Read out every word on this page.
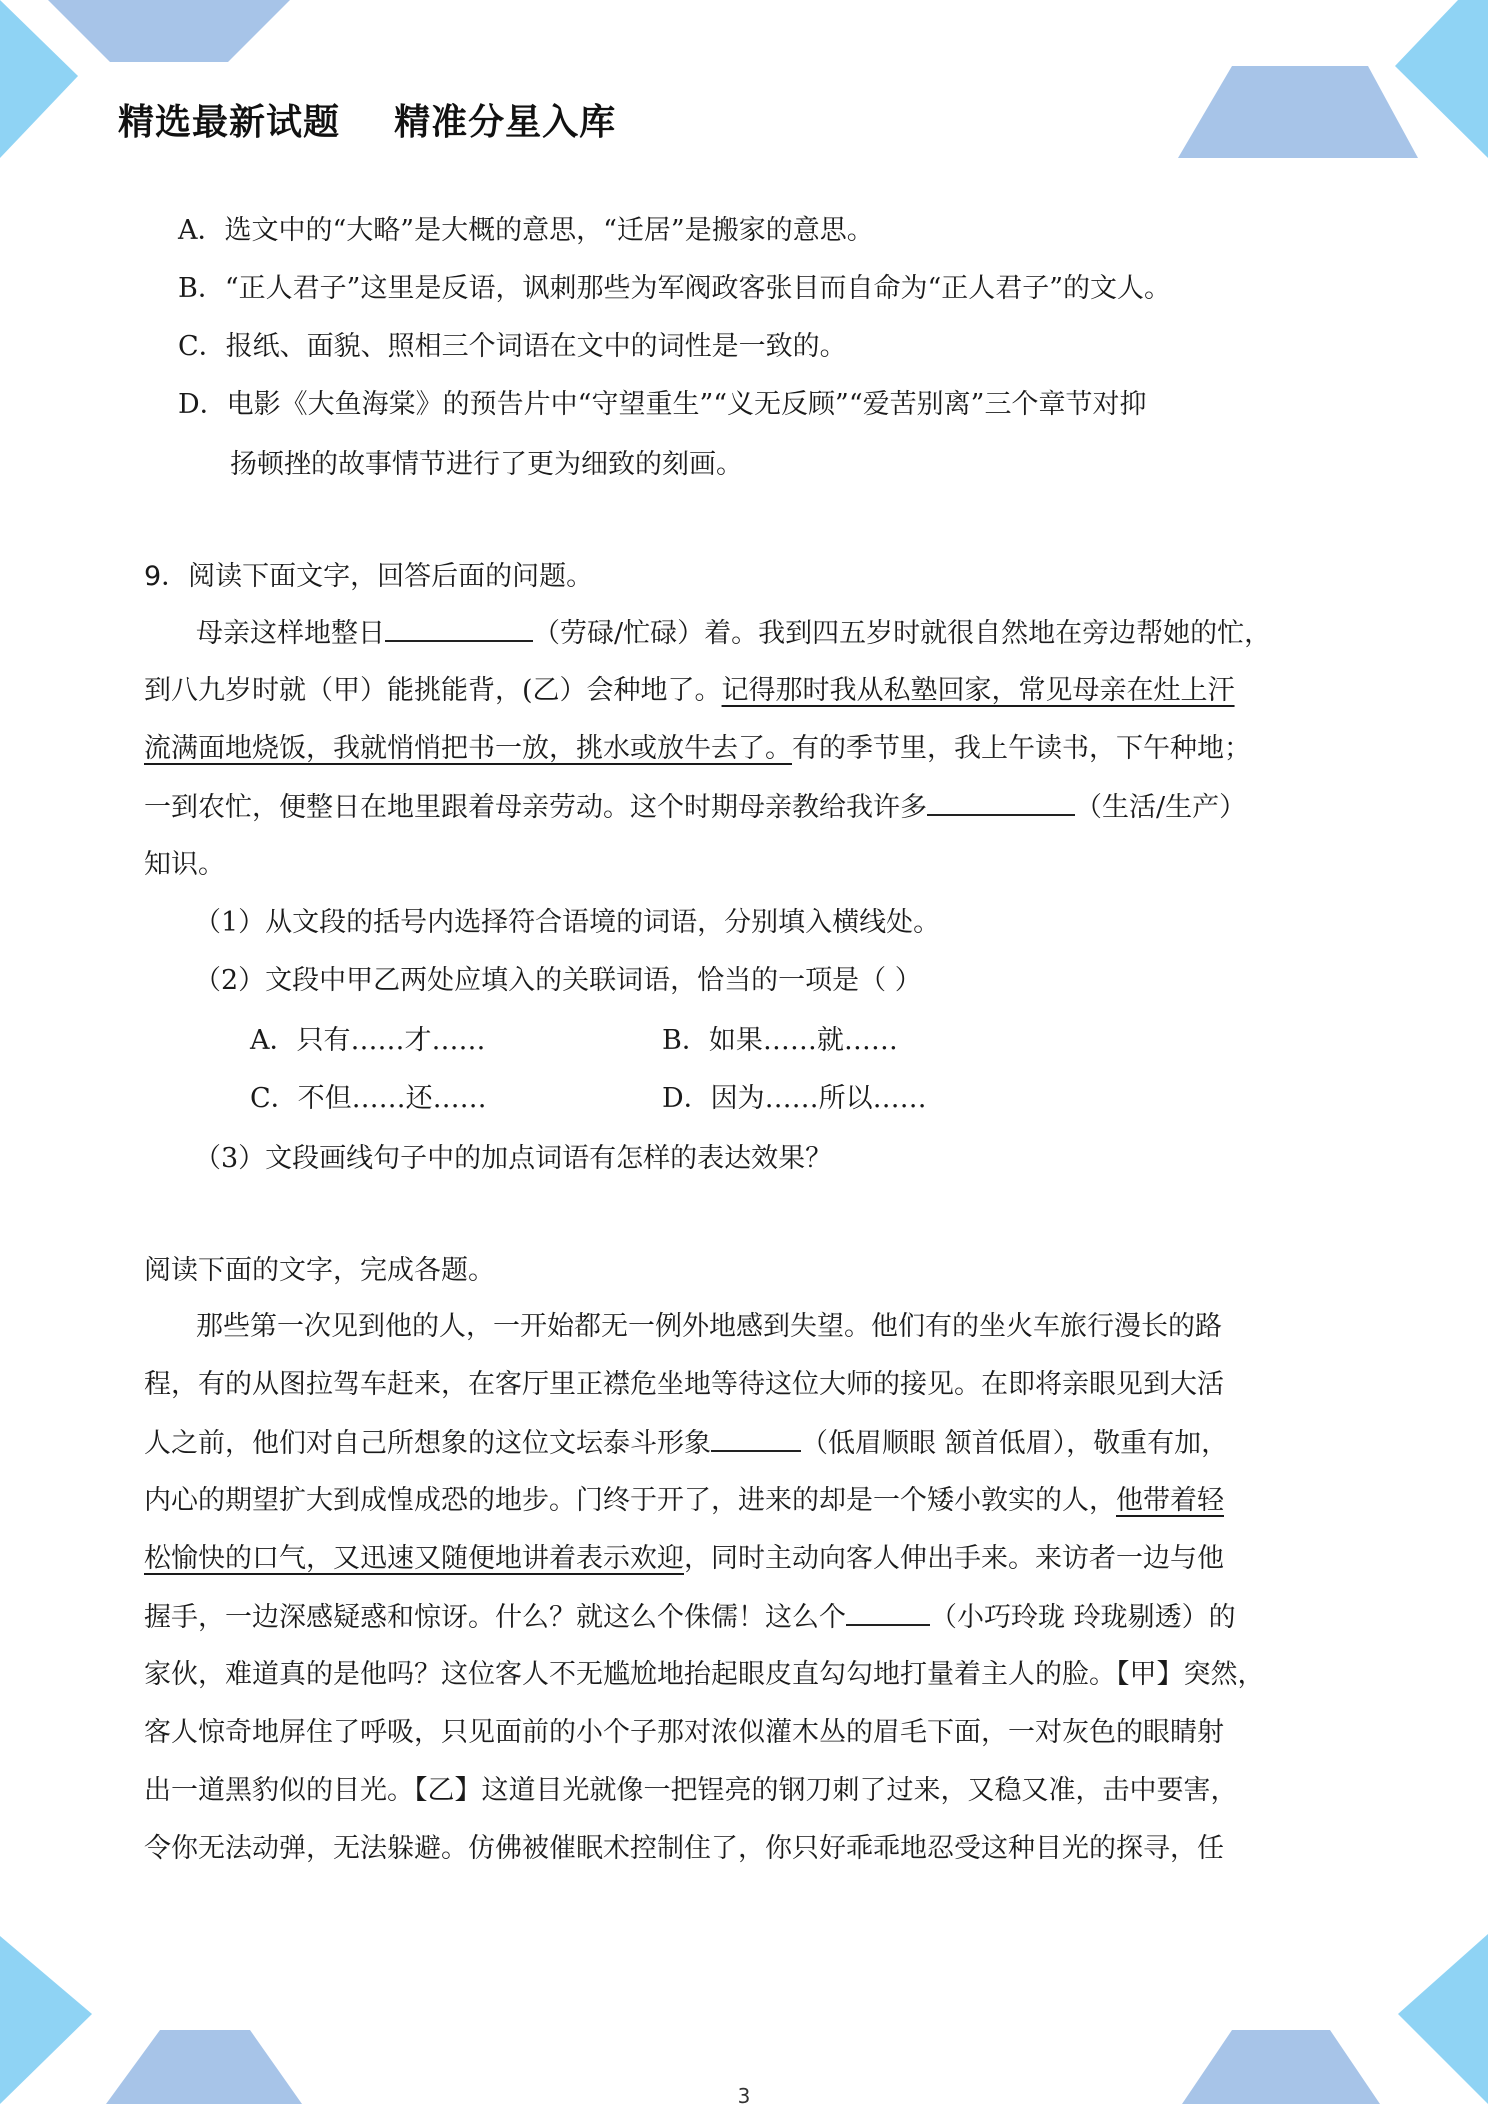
精选最新试题    精准分星入库
A．选文中的“大略”是大概的意思，“迁居”是搬家的意思。
B．“正人君子”这里是反语，讽刺那些为军阀政客张目而自命为“正人君子”的文人。
C．报纸、面貌、照相三个词语在文中的词性是一致的。
D．电影《大鱼海棠》的预告片中“守望重生”“义无反顾”“爱苦别离”三个章节对抑
扬顿挫的故事情节进行了更为细致的刻画。
9．阅读下面文字，回答后面的问题。
母亲这样地整日	（劳碌/忙碌）着。我到四五岁时就很自然地在旁边帮她的忙，
到八九岁时就（甲）能挑能背，(乙）会种地了。记得那时我从私塾回家，常见母亲在灶上汗
流满面地烧饭，我就悄悄把书一放，挑水或放牛去了。有的季节里，我上午读书，下午种地；
一到农忙，便整日在地里跟着母亲劳动。这个时期母亲教给我许多	（生活/生产）
知识。
（1）从文段的括号内选择符合语境的词语，分别填入横线处。
（2）文段中甲乙两处应填入的关联词语，恰当的一项是（ ）
A．只有……才……	B．如果……就……
C．不但……还……	D．因为……所以……
（3）文段画线句子中的加点词语有怎样的表达效果？
阅读下面的文字，完成各题。
那些第一次见到他的人，一开始都无一例外地感到失望。他们有的坐火车旅行漫长的路
程，有的从图拉驾车赶来，在客厅里正襟危坐地等待这位大师的接见。在即将亲眼见到大活
人之前，他们对自己所想象的这位文坛泰斗形象	（低眉顺眼 颔首低眉），敬重有加，
内心的期望扩大到成惶成恐的地步。门终于开了，进来的却是一个矮小敦实的人，他带着轻
松愉快的口气，又迅速又随便地讲着表示欢迎，同时主动向客人伸出手来。来访者一边与他
握手，一边深感疑惑和惊讶。什么？就这么个侏儒！这么个	（小巧玲珑 玲珑剔透）的
家伙，难道真的是他吗？这位客人不无尴尬地抬起眼皮直勾勾地打量着主人的脸。【甲】突然，
客人惊奇地屏住了呼吸，只见面前的小个子那对浓似灌木丛的眉毛下面，一对灰色的眼睛射
出一道黑豹似的目光。【乙】这道目光就像一把锃亮的钢刀刺了过来，又稳又准，击中要害，
令你无法动弹，无法躲避。仿佛被催眠术控制住了，你只好乖乖地忍受这种目光的探寻，任
3
